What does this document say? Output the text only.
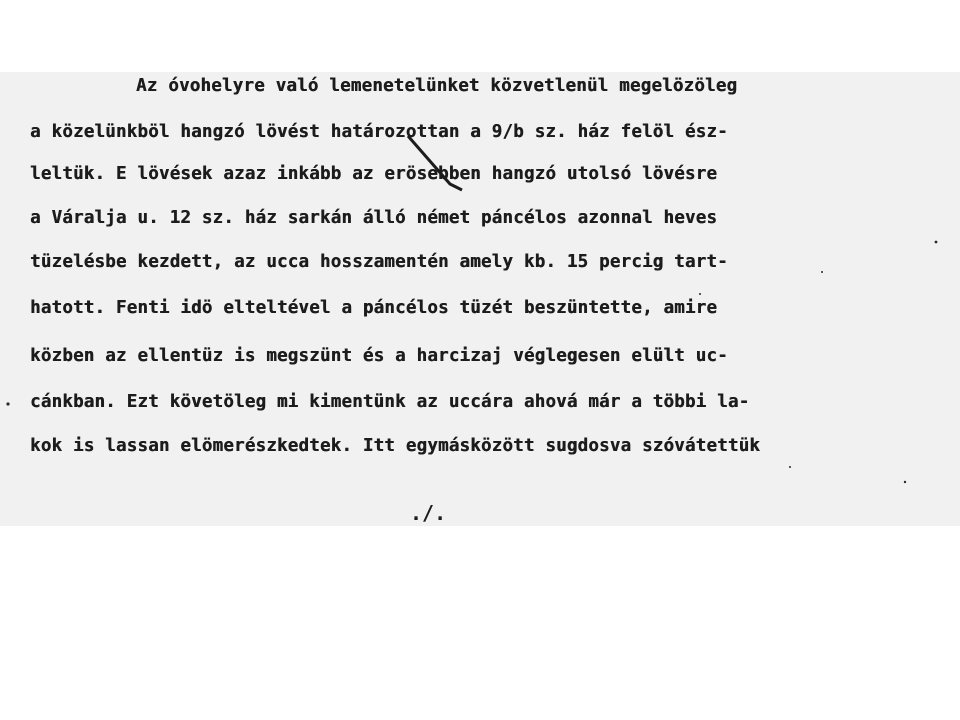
Az óvohelyre való lemenetelünket közvetlenül megelözöleg
a közelünkböl hangzó lövést határozottan a 9/b sz. ház felöl ész-
leltük. E lövések azaz inkább az erösebben hangzó utolsó lövésre
a Váralja u. 12 sz. ház sarkán álló német páncélos azonnal heves
tüzelésbe kezdett, az ucca hosszamentén amely kb. 15 percig tart-
hatott. Fenti idö elteltével a páncélos tüzét beszüntette, amire
közben az ellentüz is megszünt és a harcizaj véglegesen elült uc-
cánkban. Ezt követöleg mi kimentünk az uccára ahová már a többi la-
kok is lassan elömerészkedtek. Itt egymásközött sugdosva szóvátettük
./.
